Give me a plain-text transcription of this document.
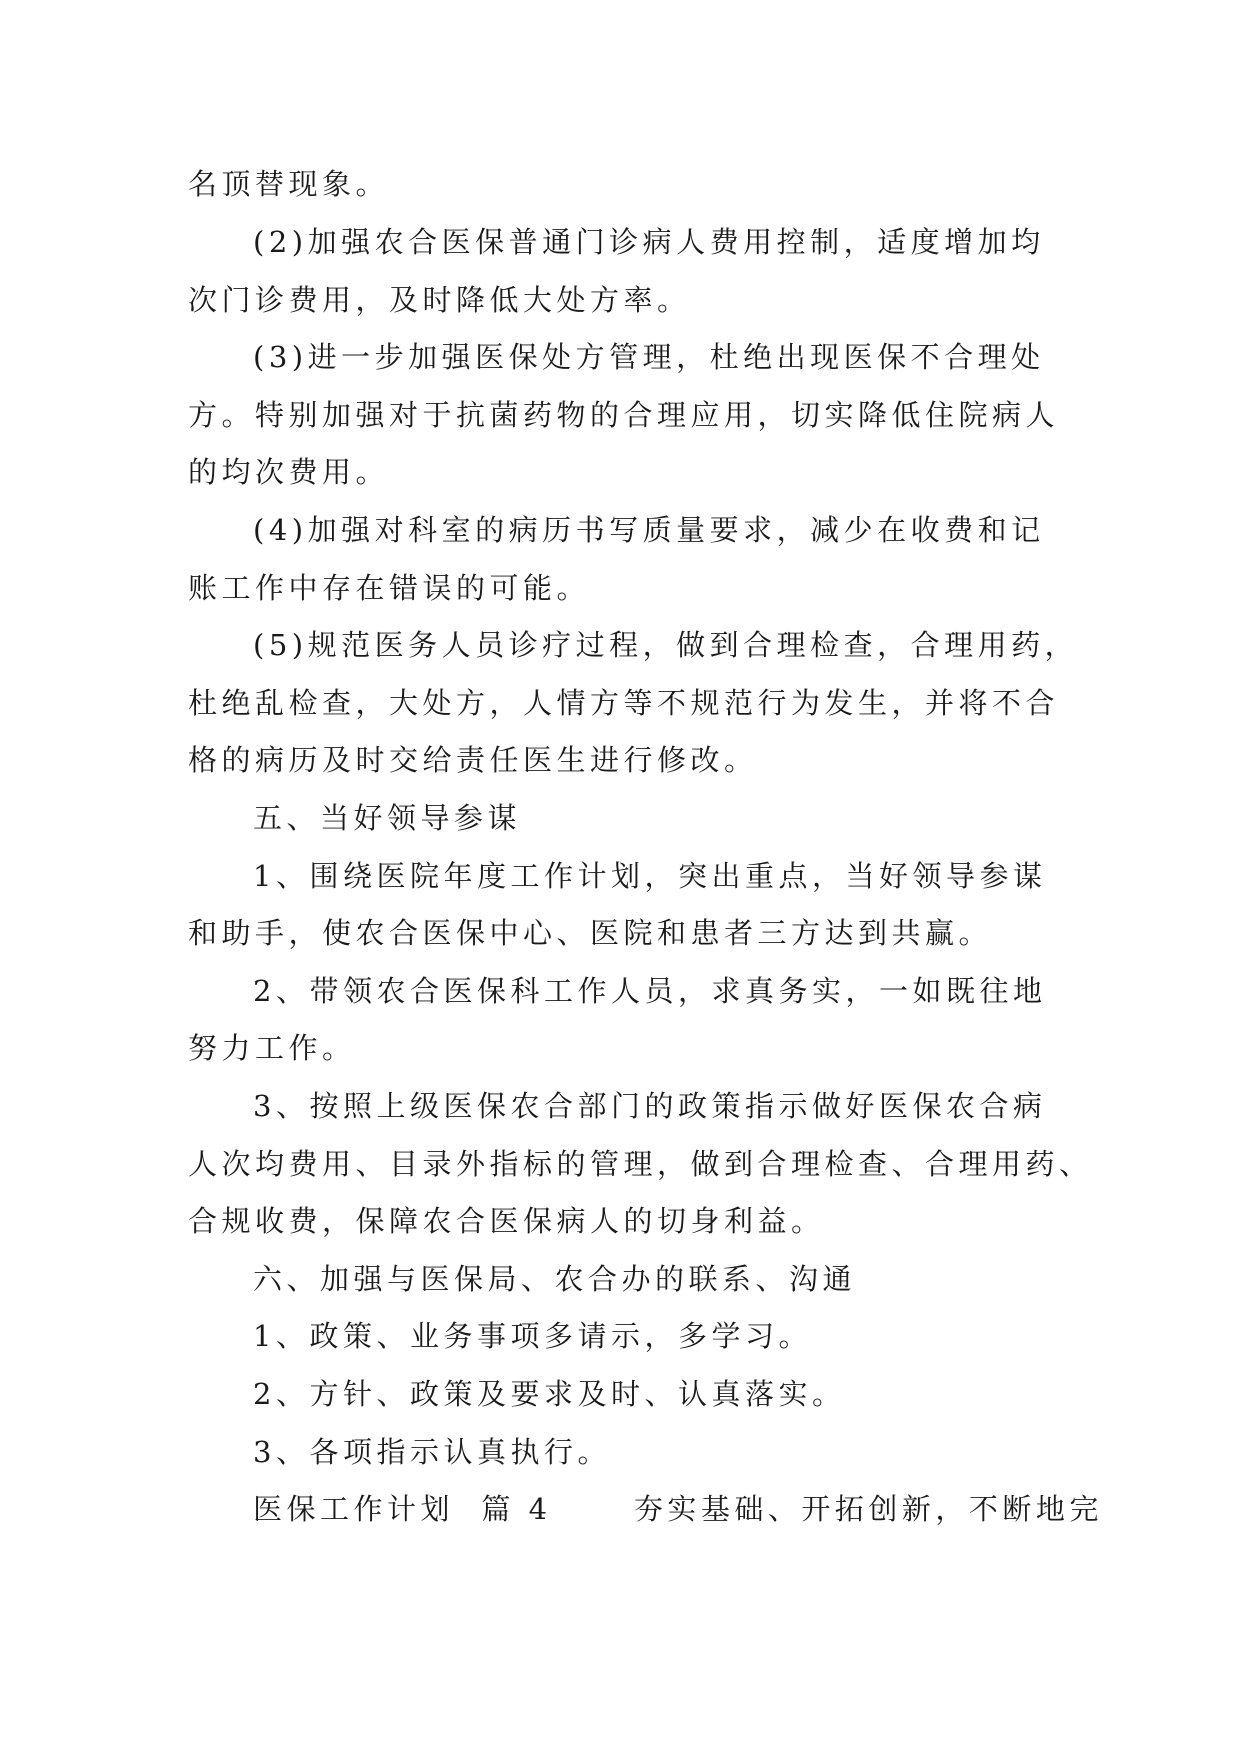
名顶替现象。
(2)加强农合医保普通门诊病人费用控制，适度增加均
次门诊费用，及时降低大处方率。
(3)进一步加强医保处方管理，杜绝出现医保不合理处
方。特别加强对于抗菌药物的合理应用，切实降低住院病人
的均次费用。
(4)加强对科室的病历书写质量要求，减少在收费和记
账工作中存在错误的可能。
(5)规范医务人员诊疗过程，做到合理检查，合理用药，
杜绝乱检查，大处方，人情方等不规范行为发生，并将不合
格的病历及时交给责任医生进行修改。
五、当好领导参谋
1、围绕医院年度工作计划，突出重点，当好领导参谋
和助手，使农合医保中心、医院和患者三方达到共赢。
2、带领农合医保科工作人员，求真务实，一如既往地
努力工作。
3、按照上级医保农合部门的政策指示做好医保农合病
人次均费用、目录外指标的管理，做到合理检查、合理用药、
合规收费，保障农合医保病人的切身利益。
六、加强与医保局、农合办的联系、沟通
1、政策、业务事项多请示，多学习。
2、方针、政策及要求及时、认真落实。
3、各项指示认真执行。
医保工作计划  篇 4      夯实基础、开拓创新，不断地完
